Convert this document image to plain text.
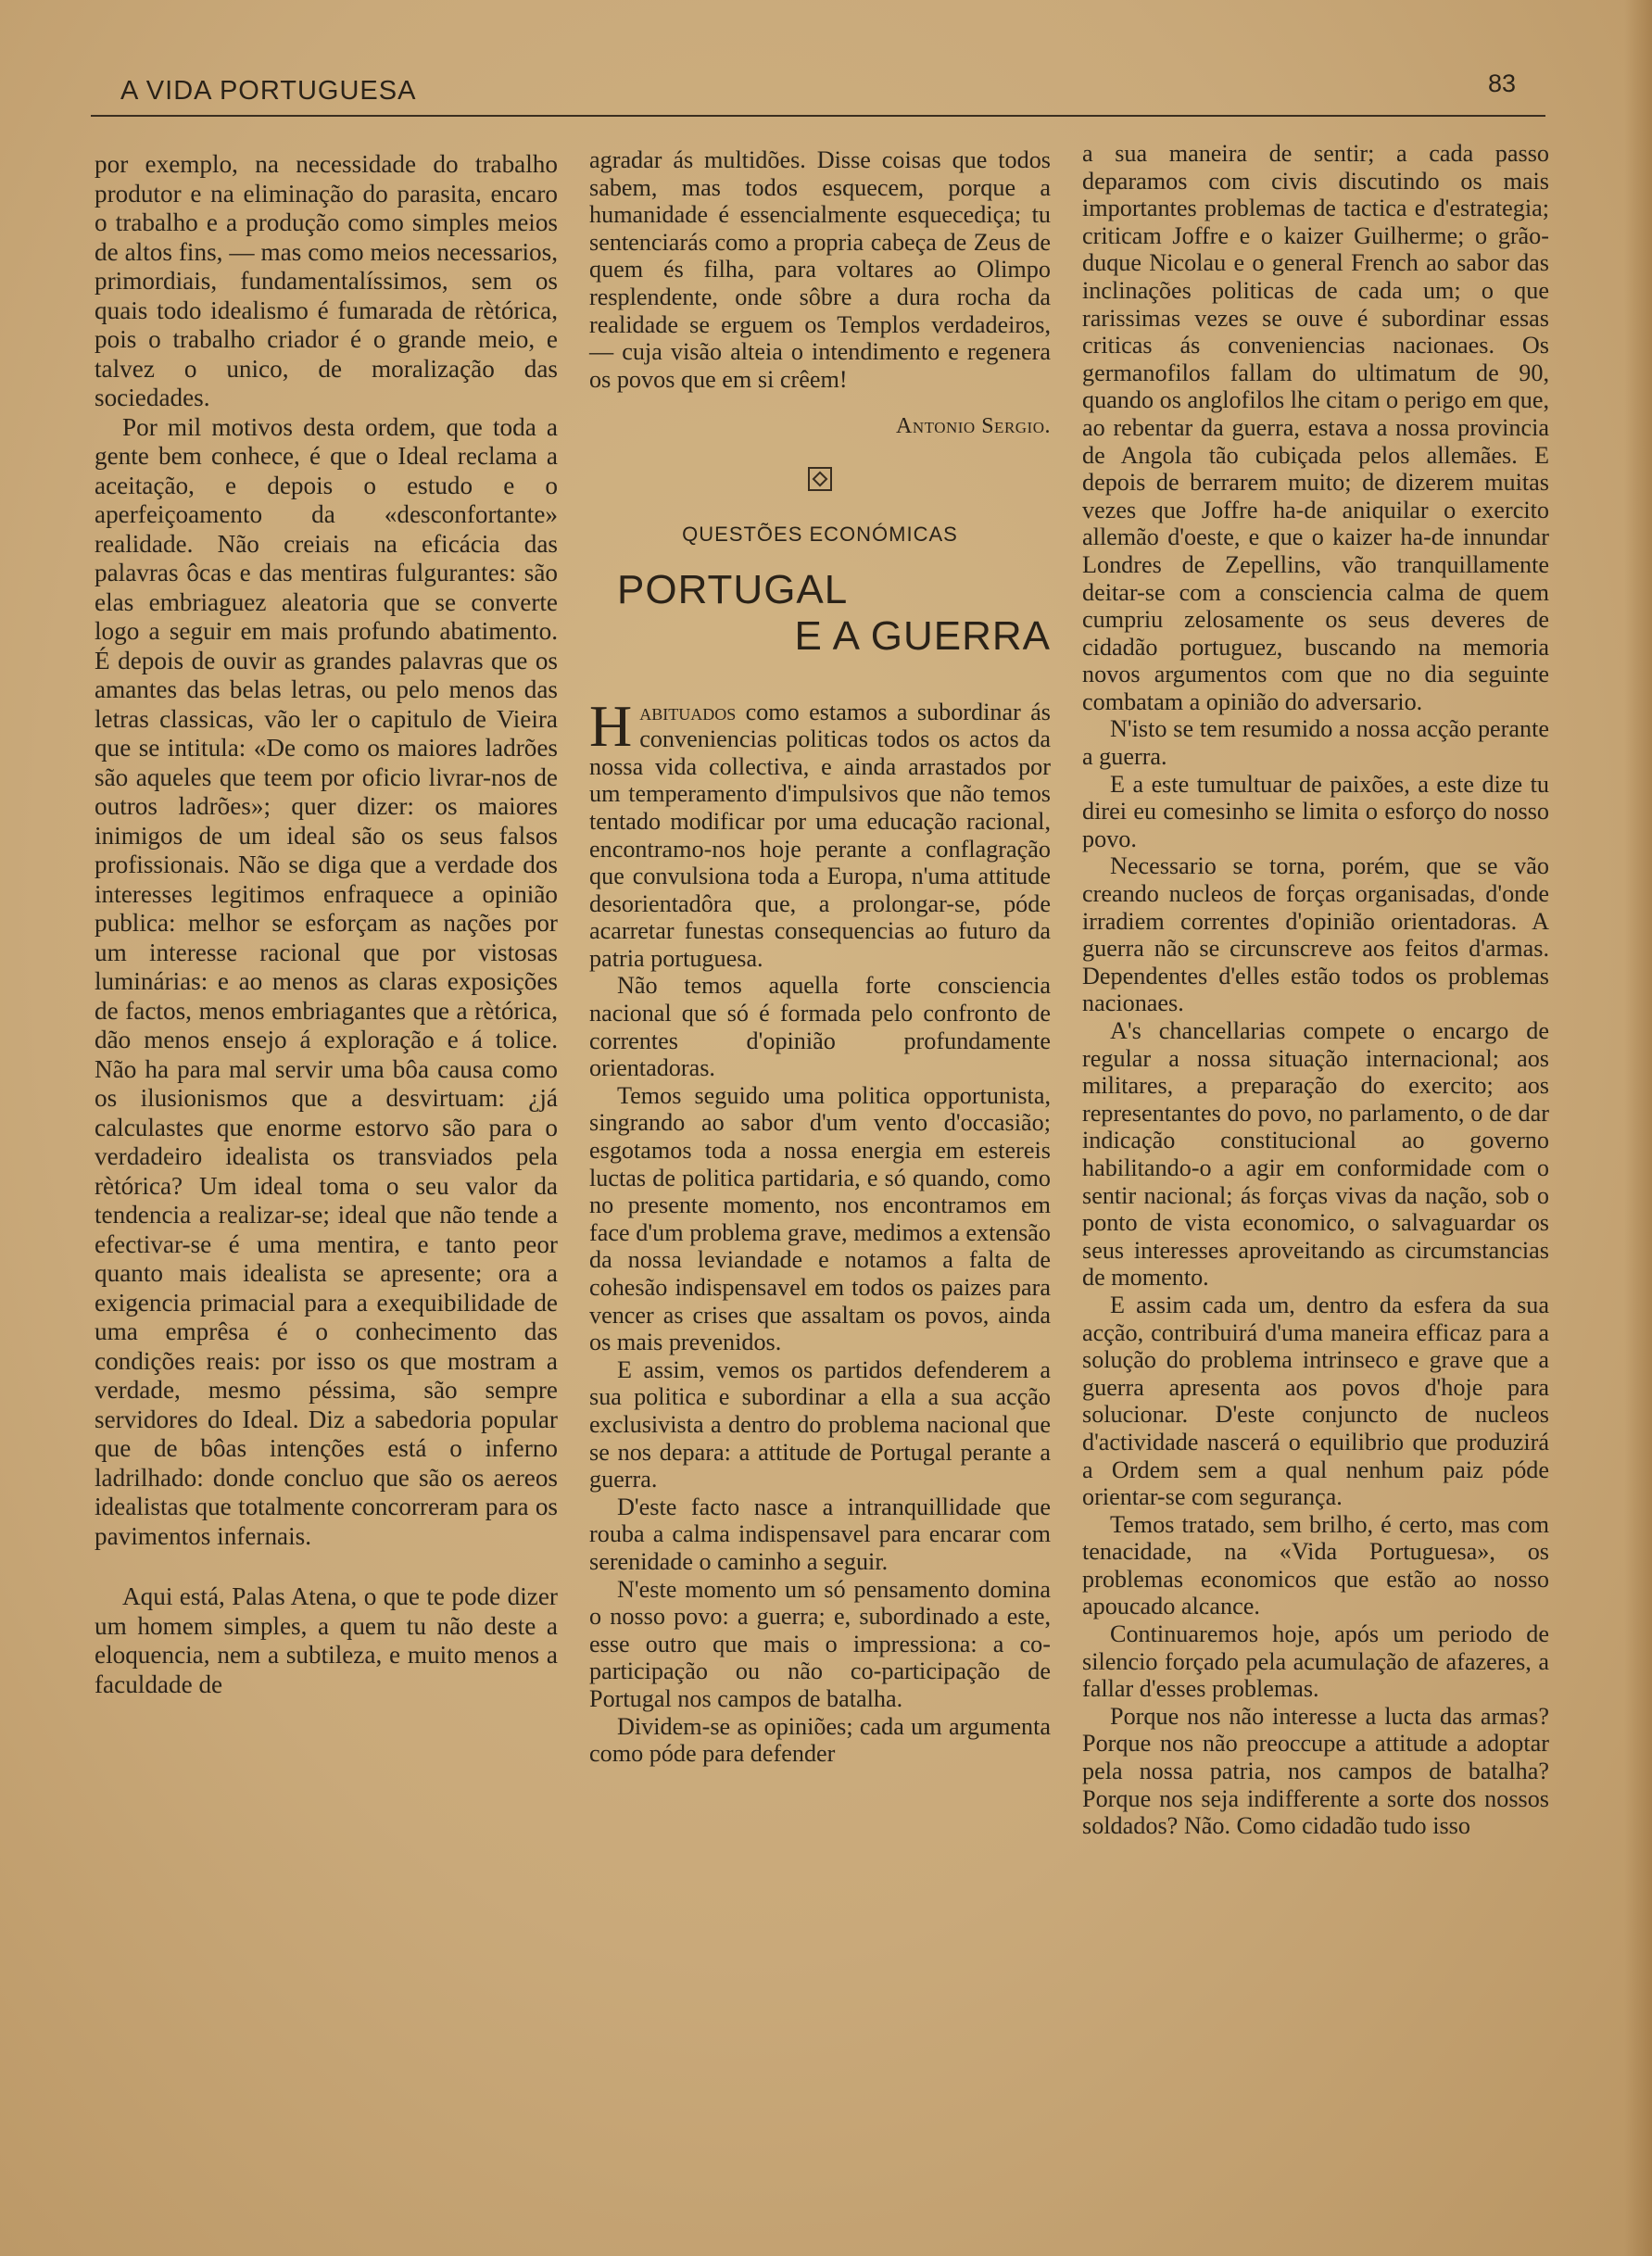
A VIDA PORTUGUESA	83

por exemplo, na necessidade do trabalho produtor e na eliminação do parasita, encaro o trabalho e a produção como simples meios de altos fins, — mas como meios necessarios, primordiais, fundamentalíssimos, sem os quais todo idealismo é fumarada de rètórica, pois o trabalho criador é o grande meio, e talvez o unico, de moralização das sociedades.

Por mil motivos desta ordem, que toda a gente bem conhece, é que o Ideal reclama a aceitação, e depois o estudo e o aperfeiçoamento da «desconfortante» realidade. Não creiais na eficácia das palavras ôcas e das mentiras fulgurantes: são elas embriaguez aleatoria que se converte logo a seguir em mais profundo abatimento. É depois de ouvir as grandes palavras que os amantes das belas letras, ou pelo menos das letras classicas, vão ler o capitulo de Vieira que se intitula: «De como os maiores ladrões são aqueles que teem por oficio livrar-nos de outros ladrões»; quer dizer: os maiores inimigos de um ideal são os seus falsos profissionais. Não se diga que a verdade dos interesses legitimos enfraquece a opinião publica: melhor se esforçam as nações por um interesse racional que por vistosas luminárias: e ao menos as claras exposições de factos, menos embriagantes que a rètórica, dão menos ensejo á exploração e á tolice. Não ha para mal servir uma bôa causa como os ilusionismos que a desvirtuam: ¿já calculastes que enorme estorvo são para o verdadeiro idealista os transviados pela rètórica? Um ideal toma o seu valor da tendencia a realizar-se; ideal que não tende a efectivar-se é uma mentira, e tanto peor quanto mais idealista se apresente; ora a exigencia primacial para a exequibilidade de uma emprêsa é o conhecimento das condições reais: por isso os que mostram a verdade, mesmo péssima, são sempre servidores do Ideal. Diz a sabedoria popular que de bôas intenções está o inferno ladrilhado: donde concluo que são os aereos idealistas que totalmente concorreram para os pavimentos infernais.

Aqui está, Palas Atena, o que te pode dizer um homem simples, a quem tu não deste a eloquencia, nem a subtileza, e muito menos a faculdade de

agradar ás multidões. Disse coisas que todos sabem, mas todos esquecem, porque a humanidade é essencialmente esquecediça; tu sentenciarás como a propria cabeça de Zeus de quem és filha, para voltares ao Olimpo resplendente, onde sôbre a dura rocha da realidade se erguem os Templos verdadeiros, — cuja visão alteia o intendimento e regenera os povos que em si crêem!

Antonio Sergio.

QUESTÕES ECONÓMICAS

PORTUGAL

E A GUERRA

Habituados como estamos a subordinar ás conveniencias politicas todos os actos da nossa vida collectiva, e ainda arrastados por um temperamento d'impulsivos que não temos tentado modificar por uma educação racional, encontramo-nos hoje perante a conflagração que convulsiona toda a Europa, n'uma attitude desorientadôra que, a prolongar-se, póde acarretar funestas consequencias ao futuro da patria portuguesa.

Não temos aquella forte consciencia nacional que só é formada pelo confronto de correntes d'opinião profundamente orientadoras.

Temos seguido uma politica opportunista, singrando ao sabor d'um vento d'occasião; esgotamos toda a nossa energia em estereis luctas de politica partidaria, e só quando, como no presente momento, nos encontramos em face d'um problema grave, medimos a extensão da nossa leviandade e notamos a falta de cohesão indispensavel em todos os paizes para vencer as crises que assaltam os povos, ainda os mais prevenidos.

E assim, vemos os partidos defenderem a sua politica e subordinar a ella a sua acção exclusivista a dentro do problema nacional que se nos depara: a attitude de Portugal perante a guerra.

D'este facto nasce a intranquillidade que rouba a calma indispensavel para encarar com serenidade o caminho a seguir.

N'este momento um só pensamento domina o nosso povo: a guerra; e, subordinado a este, esse outro que mais o impressiona: a co-participação ou não co-participação de Portugal nos campos de batalha.

Dividem-se as opiniões; cada um argumenta como póde para defender

a sua maneira de sentir; a cada passo deparamos com civis discutindo os mais importantes problemas de tactica e d'estrategia; criticam Joffre e o kaizer Guilherme; o grão-duque Nicolau e o general French ao sabor das inclinações politicas de cada um; o que rarissimas vezes se ouve é subordinar essas criticas ás conveniencias nacionaes. Os germanofilos fallam do ultimatum de 90, quando os anglofilos lhe citam o perigo em que, ao rebentar da guerra, estava a nossa provincia de Angola tão cubiçada pelos allemães. E depois de berrarem muito; de dizerem muitas vezes que Joffre ha-de aniquilar o exercito allemão d'oeste, e que o kaizer ha-de innundar Londres de Zepellins, vão tranquillamente deitar-se com a consciencia calma de quem cumpriu zelosamente os seus deveres de cidadão portuguez, buscando na memoria novos argumentos com que no dia seguinte combatam a opinião do adversario.

N'isto se tem resumido a nossa acção perante a guerra.

E a este tumultuar de paixões, a este dize tu direi eu comesinho se limita o esforço do nosso povo.

Necessario se torna, porém, que se vão creando nucleos de forças organisadas, d'onde irradiem correntes d'opinião orientadoras. A guerra não se circunscreve aos feitos d'armas. Dependentes d'elles estão todos os problemas nacionaes.

A's chancellarias compete o encargo de regular a nossa situação internacional; aos militares, a preparação do exercito; aos representantes do povo, no parlamento, o de dar indicação constitucional ao governo habilitando-o a agir em conformidade com o sentir nacional; ás forças vivas da nação, sob o ponto de vista economico, o salvaguardar os seus interesses aproveitando as circumstancias de momento.

E assim cada um, dentro da esfera da sua acção, contribuirá d'uma maneira efficaz para a solução do problema intrinseco e grave que a guerra apresenta aos povos d'hoje para solucionar. D'este conjuncto de nucleos d'actividade nascerá o equilibrio que produzirá a Ordem sem a qual nenhum paiz póde orientar-se com segurança.

Temos tratado, sem brilho, é certo, mas com tenacidade, na «Vida Portuguesa», os problemas economicos que estão ao nosso apoucado alcance.

Continuaremos hoje, após um periodo de silencio forçado pela acumulação de afazeres, a fallar d'esses problemas.

Porque nos não interesse a lucta das armas? Porque nos não preoccupe a attitude a adoptar pela nossa patria, nos campos de batalha? Porque nos seja indifferente a sorte dos nossos soldados? Não. Como cidadão tudo isso
